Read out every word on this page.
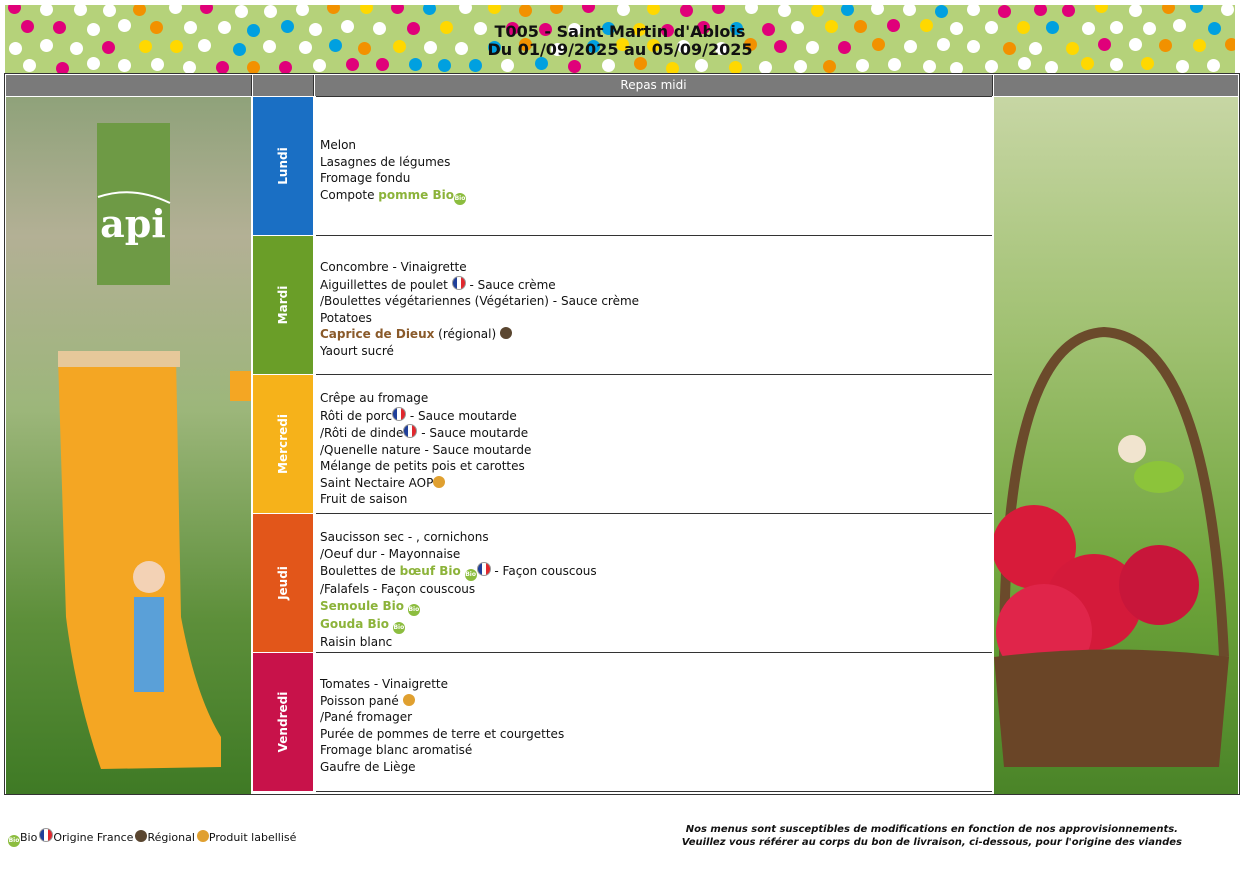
T005 - Saint Martin d'Ablois
Du 01/09/2025 au 05/09/2025
Repas midi
api
Lundi
Melon
Lasagnes de légumes
Fromage fondu
Compote pomme BioBio
Mardi
Concombre - Vinaigrette
Aiguillettes de poulet  - Sauce crème
/Boulettes végétariennes (Végétarien) - Sauce crème
Potatoes
Caprice de Dieux (régional)
Yaourt sucré
Mercredi
Crêpe au fromage
Rôti de porc - Sauce moutarde
/Rôti de dinde - Sauce moutarde
/Quenelle nature - Sauce moutarde
Mélange de petits pois et carottes
Saint Nectaire AOP
Fruit de saison
Jeudi
Saucisson sec - , cornichons
/Oeuf dur - Mayonnaise
Boulettes de bœuf Bio Bio - Façon couscous
/Falafels - Façon couscous
Semoule Bio Bio
Gouda Bio Bio
Raisin blanc
Vendredi
Tomates - Vinaigrette
Poisson pané
/Pané fromager
Purée de pommes de terre et courgettes
Fromage blanc aromatisé
Gaufre de Liège
BioBio Origine France Régional Produit labellisé
Nos menus sont susceptibles de modifications en fonction de nos approvisionnements.
Veuillez vous référer au corps du bon de livraison, ci-dessous, pour l'origine des viandes
